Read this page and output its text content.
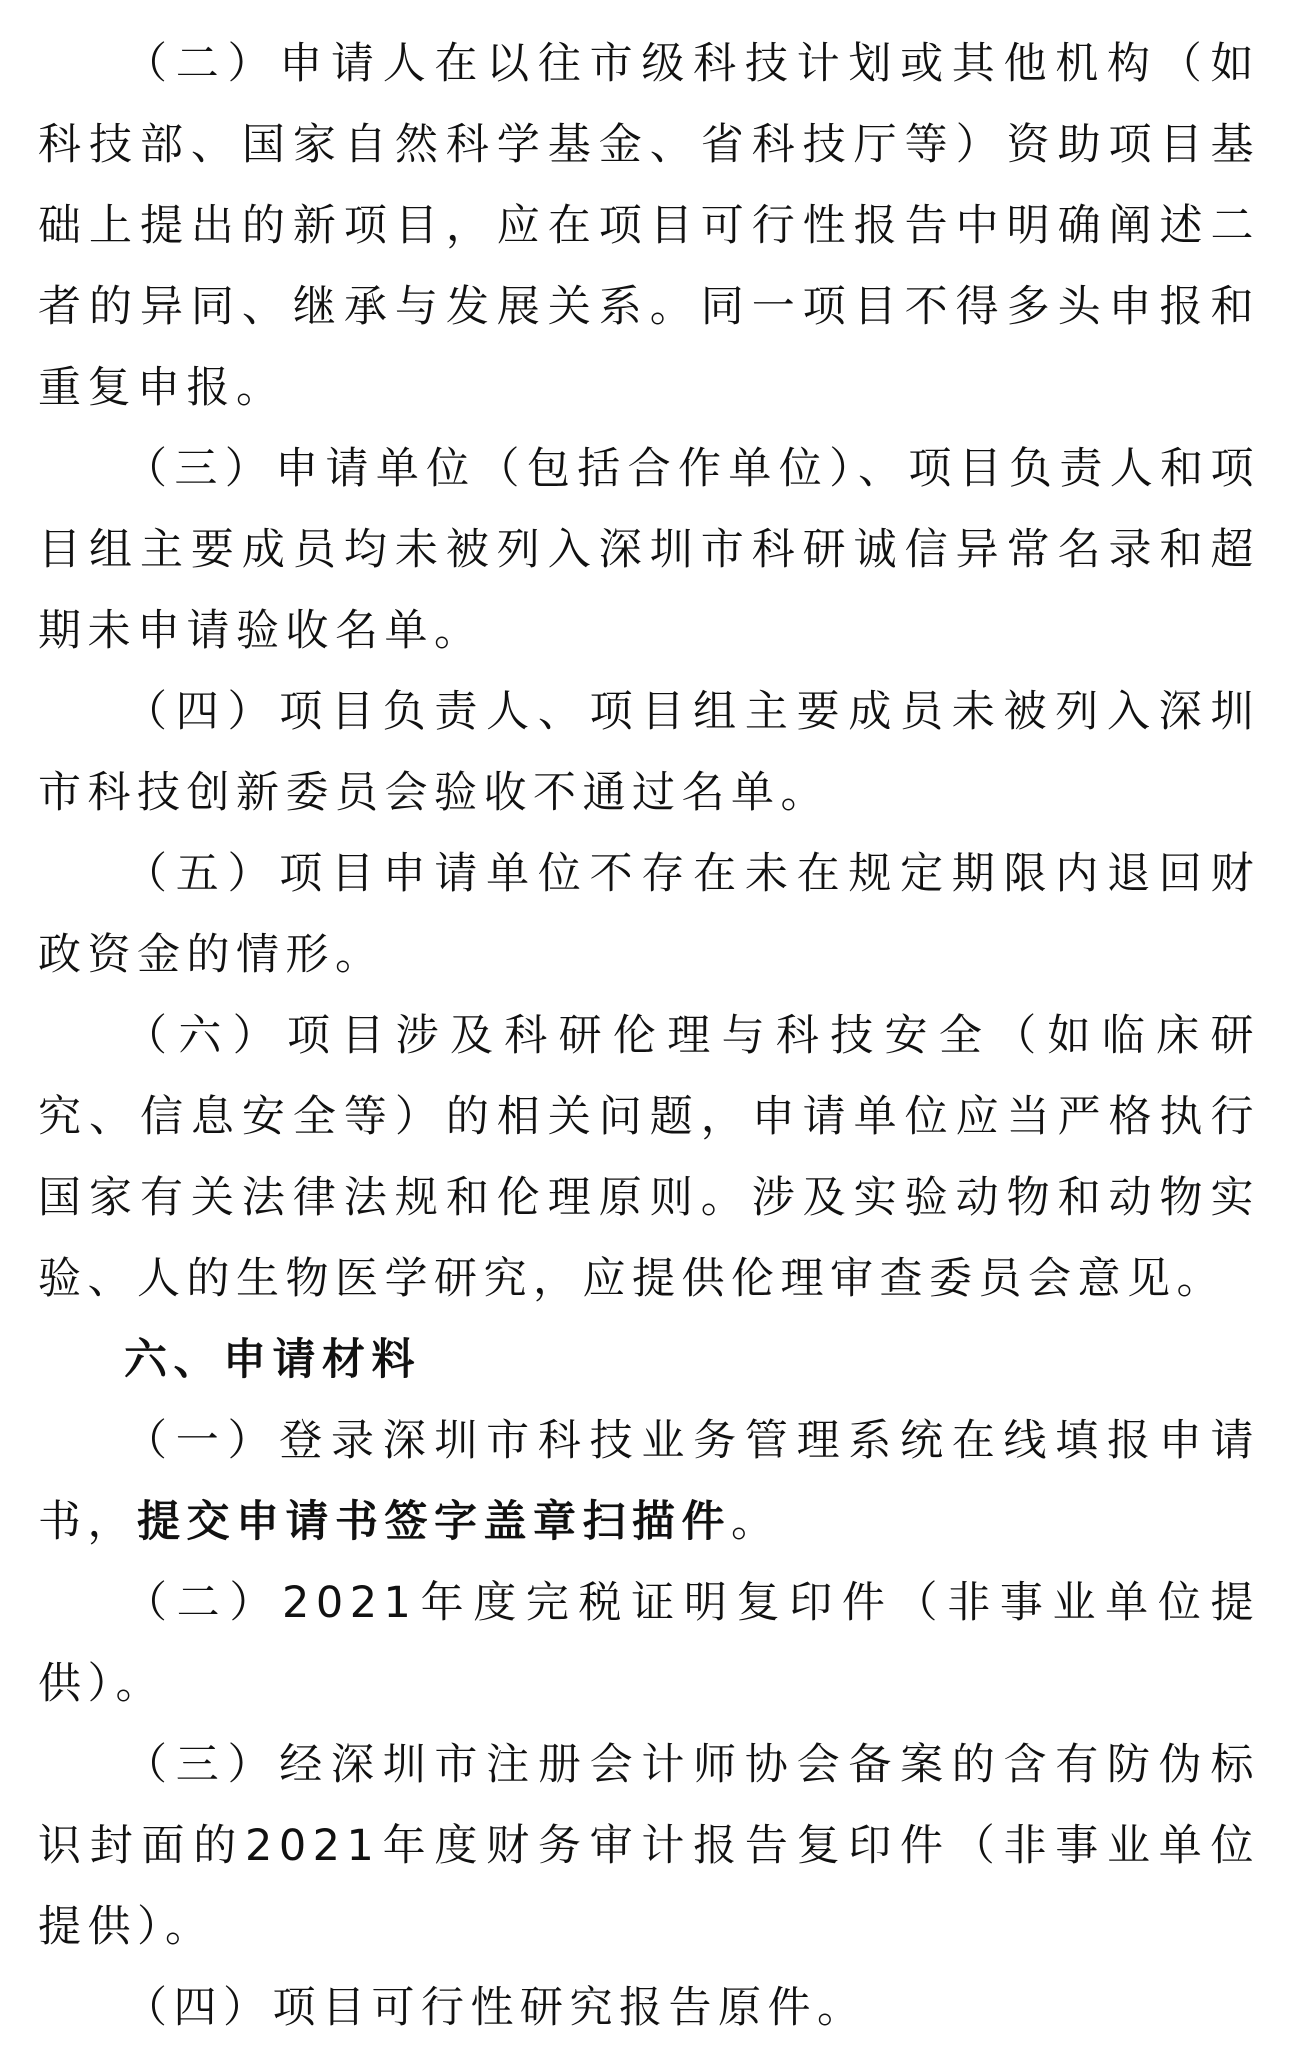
（二）申请人在以往市级科技计划或其他机构（如科技部、国家自然科学基金、省科技厅等）资助项目基础上提出的新项目，应在项目可行性报告中明确阐述二者的异同、继承与发展关系。同一项目不得多头申报和重复申报。

（三）申请单位（包括合作单位）、项目负责人和项目组主要成员均未被列入深圳市科研诚信异常名录和超期未申请验收名单。

（四）项目负责人、项目组主要成员未被列入深圳市科技创新委员会验收不通过名单。

（五）项目申请单位不存在未在规定期限内退回财政资金的情形。

（六）项目涉及科研伦理与科技安全（如临床研究、信息安全等）的相关问题，申请单位应当严格执行国家有关法律法规和伦理原则。涉及实验动物和动物实验、人的生物医学研究，应提供伦理审查委员会意见。

六、申请材料

（一）登录深圳市科技业务管理系统在线填报申请书，提交申请书签字盖章扫描件。

（二）2021年度完税证明复印件（非事业单位提供）。

（三）经深圳市注册会计师协会备案的含有防伪标识封面的2021年度财务审计报告复印件（非事业单位提供）。

（四）项目可行性研究报告原件。
